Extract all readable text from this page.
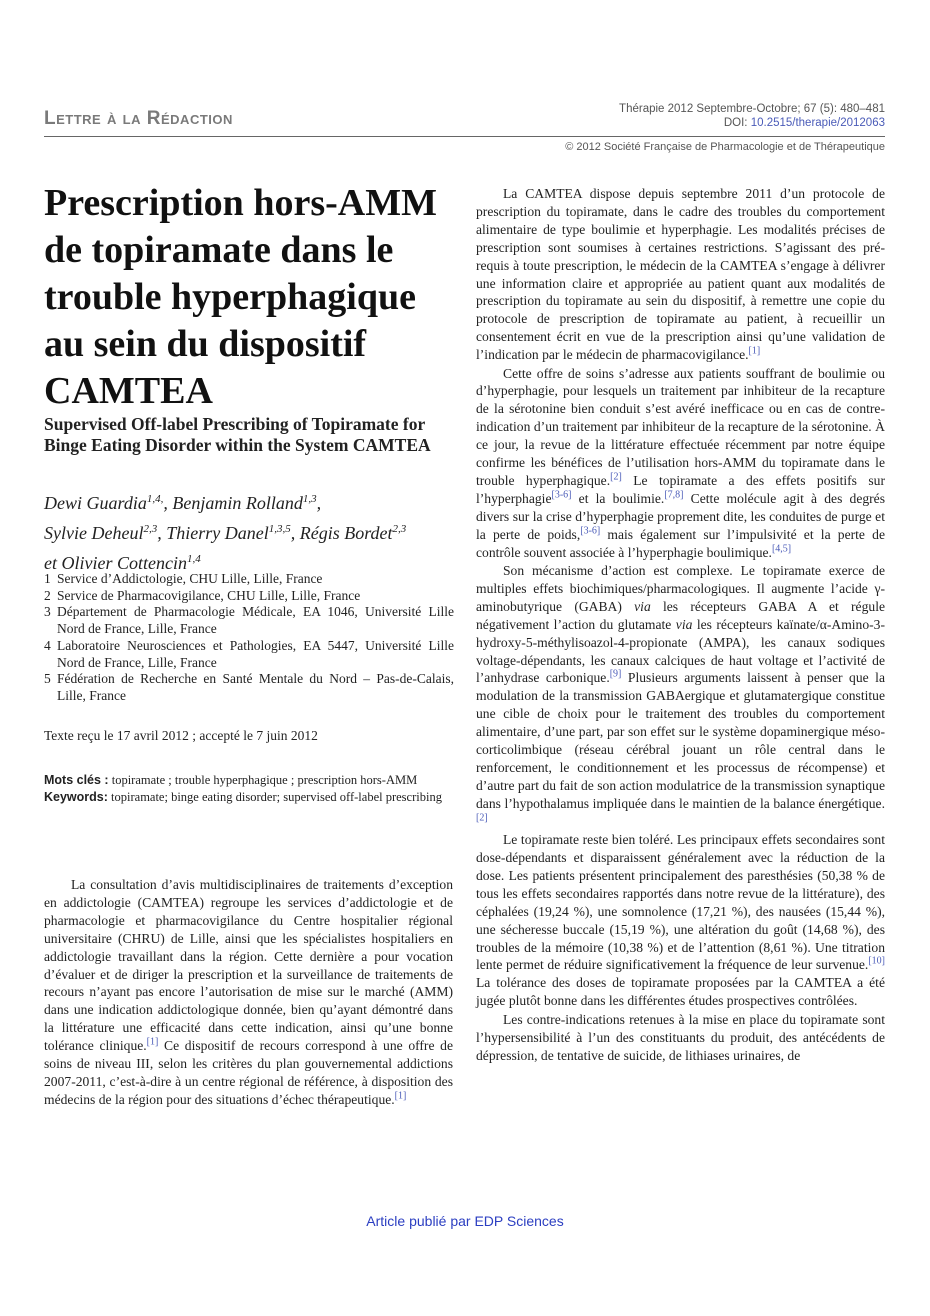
Lettre à la Rédaction	Thérapie 2012 Septembre-Octobre; 67 (5): 480–481
DOI: 10.2515/therapie/2012063
© 2012 Société Française de Pharmacologie et de Thérapeutique
Prescription hors-AMM de topiramate dans le trouble hyperphagique au sein du dispositif CAMTEA
Supervised Off-label Prescribing of Topiramate for Binge Eating Disorder within the System CAMTEA

Dewi Guardia$^{1,4,}$, Benjamin Rolland$^{1,3}$,
Sylvie Deheul$^{2,3}$, Thierry Danel$^{1,3,5}$, Régis Bordet$^{2,3}$
et Olivier Cottencin$^{1,4}$

1 Service d’Addictologie, CHU Lille, Lille, France
2 Service de Pharmacovigilance, CHU Lille, Lille, France
3 Département de Pharmacologie Médicale, EA 1046, Université Lille Nord de France, Lille, France
4 Laboratoire Neurosciences et Pathologies, EA 5447, Université Lille Nord de France, Lille, France
5 Fédération de Recherche en Santé Mentale du Nord – Pas-de-Calais, Lille, France
Texte reçu le 17 avril 2012 ; accepté le 7 juin 2012
Mots clés : topiramate ; trouble hyperphagique ; prescription hors-AMM
Keywords: topiramate; binge eating disorder; supervised off-label prescribing

La consultation d’avis multidisciplinaires de traitements d’exception en addictologie (CAMTEA) regroupe les services d’addictologie et de pharmacologie et pharmacovigilance du Centre hospitalier régional universitaire (CHRU) de Lille, ainsi que les spécialistes hospitaliers en addictologie travaillant dans la région. Cette dernière a pour vocation d’évaluer et de diriger la prescription et la surveillance de traitements de recours n’ayant pas encore l’autorisation de mise sur le marché (AMM) dans une indication addictologique donnée, bien qu’ayant démontré dans la littérature une efficacité dans cette indication, ainsi qu’une bonne tolérance clinique.[1] Ce dispositif de recours correspond à une offre de soins de niveau III, selon les critères du plan gouvernemental addictions 2007-2011, c’est-à-dire à un centre régional de référence, à disposition des médecins de la région pour des situations d’échec thérapeutique.[1]

La CAMTEA dispose depuis septembre 2011 d’un protocole de prescription du topiramate, dans le cadre des troubles du comportement alimentaire de type boulimie et hyperphagie. Les modalités précises de prescription sont soumises à certaines restrictions. S’agissant des pré-requis à toute prescription, le médecin de la CAMTEA s’engage à délivrer une information claire et appropriée au patient quant aux modalités de prescription du topiramate au sein du dispositif, à remettre une copie du protocole de prescription de topiramate au patient, à recueillir un consentement écrit en vue de la prescription ainsi qu’une validation de l’indication par le médecin de pharmacovigilance.[1]

Cette offre de soins s’adresse aux patients souffrant de boulimie ou d’hyperphagie, pour lesquels un traitement par inhibiteur de la recapture de la sérotonine bien conduit s’est avéré inefficace ou en cas de contre-indication d’un traitement par inhibiteur de la recapture de la sérotonine. À ce jour, la revue de la littérature effectuée récemment par notre équipe confirme les bénéfices de l’utilisation hors-AMM du topiramate dans le trouble hyperphagique.[2] Le topiramate a des effets positifs sur l’hyperphagie[3-6] et la boulimie.[7,8] Cette molécule agit à des degrés divers sur la crise d’hyperphagie proprement dite, les conduites de purge et la perte de poids,[3-6] mais également sur l’impulsivité et la perte de contrôle souvent associée à l’hyperphagie boulimique.[4,5]

Son mécanisme d’action est complexe. Le topiramate exerce de multiples effets biochimiques/pharmacologiques. Il augmente l’acide γ-aminobutyrique (GABA) via les récepteurs GABA A et régule négativement l’action du glutamate via les récepteurs kaïnate/α-Amino-3-hydroxy-5-méthylisoazol-4-propionate (AMPA), les canaux sodiques voltage-dépendants, les canaux calciques de haut voltage et l’activité de l’anhydrase carbonique.[9] Plusieurs arguments laissent à penser que la modulation de la transmission GABAergique et glutamatergique constitue une cible de choix pour le traitement des troubles du comportement alimentaire, d’une part, par son effet sur le système dopaminergique méso-corticolimbique (réseau cérébral jouant un rôle central dans le renforcement, le conditionnement et les processus de récompense) et d’autre part du fait de son action modulatrice de la transmission synaptique dans l’hypothalamus impliquée dans le maintien de la balance énergétique.[2]

Le topiramate reste bien toléré. Les principaux effets secondaires sont dose-dépendants et disparaissent généralement avec la réduction de la dose. Les patients présentent principalement des paresthésies (50,38 % de tous les effets secondaires rapportés dans notre revue de la littérature), des céphalées (19,24 %), une somnolence (17,21 %), des nausées (15,44 %), une sécheresse buccale (15,19 %), une altération du goût (14,68 %), des troubles de la mémoire (10,38 %) et de l’attention (8,61 %). Une titration lente permet de réduire significativement la fréquence de leur survenue.[10] La tolérance des doses de topiramate proposées par la CAMTEA a été jugée plutôt bonne dans les différentes études prospectives contrôlées.

Les contre-indications retenues à la mise en place du topiramate sont l’hypersensibilité à l’un des constituants du produit, des antécédents de dépression, de tentative de suicide, de lithiases urinaires, de

Article publié par EDP Sciences
